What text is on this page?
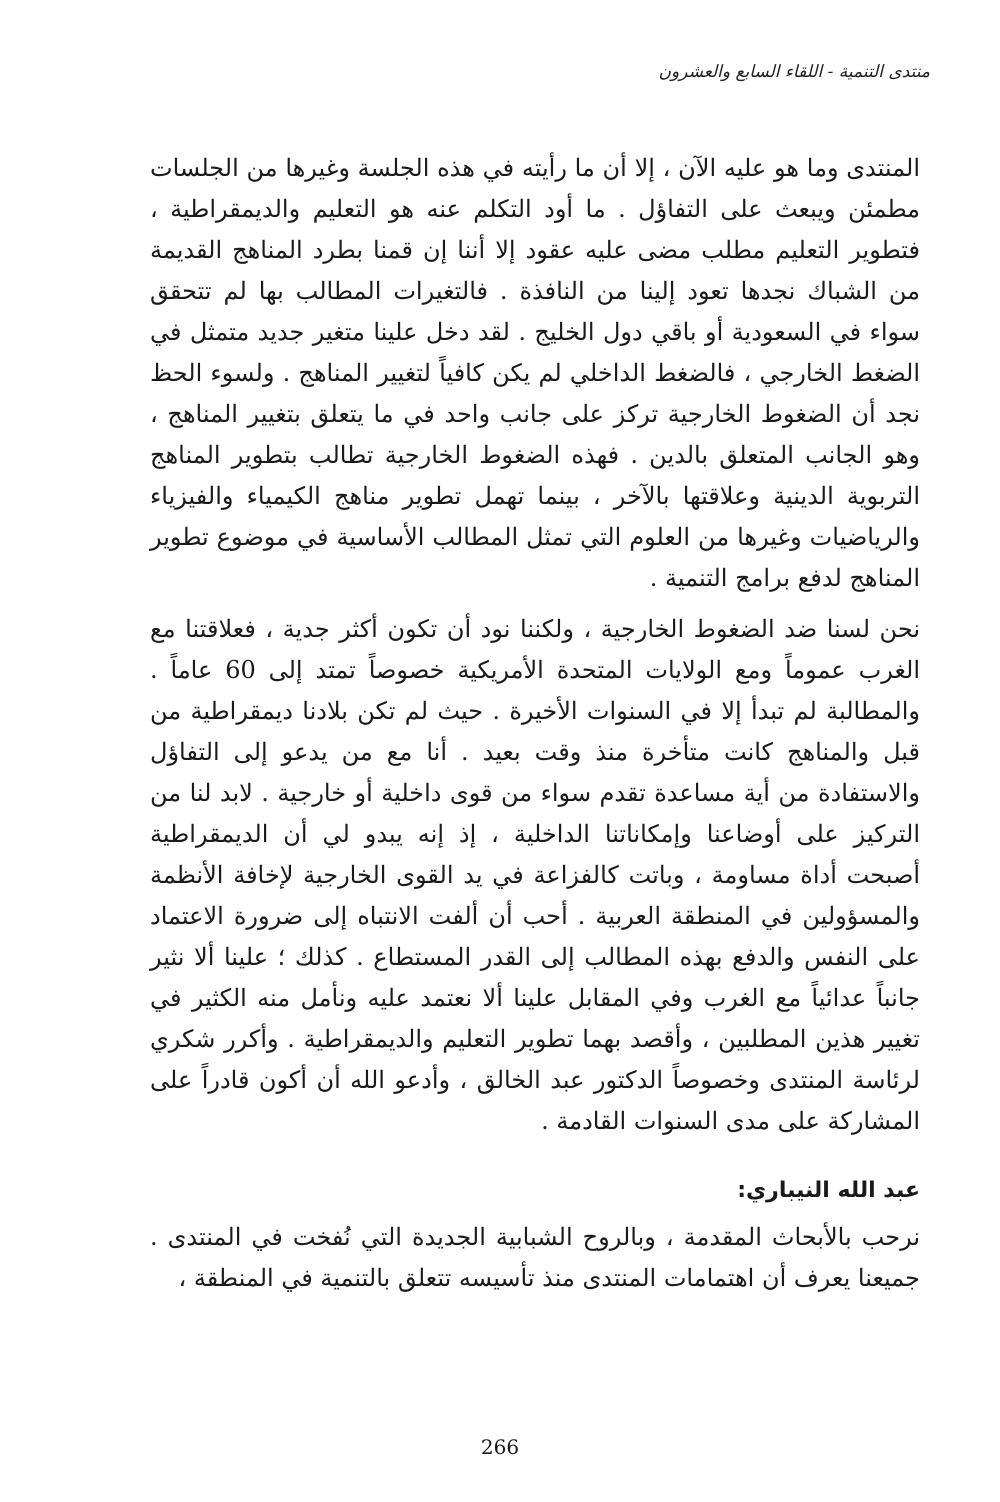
منتدى التنمية - اللقاء السابع والعشرون

المنتدى وما هو عليه الآن ، إلا أن ما رأيته في هذه الجلسة وغيرها من الجلسات مطمئن ويبعث على التفاؤل . ما أود التكلم عنه هو التعليم والديمقراطية ، فتطوير التعليم مطلب مضى عليه عقود إلا أننا إن قمنا بطرد المناهج القديمة من الشباك نجدها تعود إلينا من النافذة . فالتغيرات المطالب بها لم تتحقق سواء في السعودية أو باقي دول الخليج . لقد دخل علينا متغير جديد متمثل في الضغط الخارجي ، فالضغط الداخلي لم يكن كافياً لتغيير المناهج . ولسوء الحظ نجد أن الضغوط الخارجية تركز على جانب واحد في ما يتعلق بتغيير المناهج ، وهو الجانب المتعلق بالدين . فهذه الضغوط الخارجية تطالب بتطوير المناهج التربوية الدينية وعلاقتها بالآخر ، بينما تهمل تطوير مناهج الكيمياء والفيزياء والرياضيات وغيرها من العلوم التي تمثل المطالب الأساسية في موضوع تطوير المناهج لدفع برامج التنمية .

نحن لسنا ضد الضغوط الخارجية ، ولكننا نود أن تكون أكثر جدية ، فعلاقتنا مع الغرب عموماً ومع الولايات المتحدة الأمريكية خصوصاً تمتد إلى 60 عاماً . والمطالبة لم تبدأ إلا في السنوات الأخيرة . حيث لم تكن بلادنا ديمقراطية من قبل والمناهج كانت متأخرة منذ وقت بعيد . أنا مع من يدعو إلى التفاؤل والاستفادة من أية مساعدة تقدم سواء من قوى داخلية أو خارجية . لابد لنا من التركيز على أوضاعنا وإمكاناتنا الداخلية ، إذ إنه يبدو لي أن الديمقراطية أصبحت أداة مساومة ، وباتت كالفزاعة في يد القوى الخارجية لإخافة الأنظمة والمسؤولين في المنطقة العربية . أحب أن ألفت الانتباه إلى ضرورة الاعتماد على النفس والدفع بهذه المطالب إلى القدر المستطاع . كذلك ؛ علينا ألا نثير جانباً عدائياً مع الغرب وفي المقابل علينا ألا نعتمد عليه ونأمل منه الكثير في تغيير هذين المطلبين ، وأقصد بهما تطوير التعليم والديمقراطية . وأكرر شكري لرئاسة المنتدى وخصوصاً الدكتور عبد الخالق ، وأدعو الله أن أكون قادراً على المشاركة على مدى السنوات القادمة .

عبد الله النيباري:

نرحب بالأبحاث المقدمة ، وبالروح الشبابية الجديدة التي نُفخت في المنتدى . جميعنا يعرف أن اهتمامات المنتدى منذ تأسيسه تتعلق بالتنمية في المنطقة ،

266
